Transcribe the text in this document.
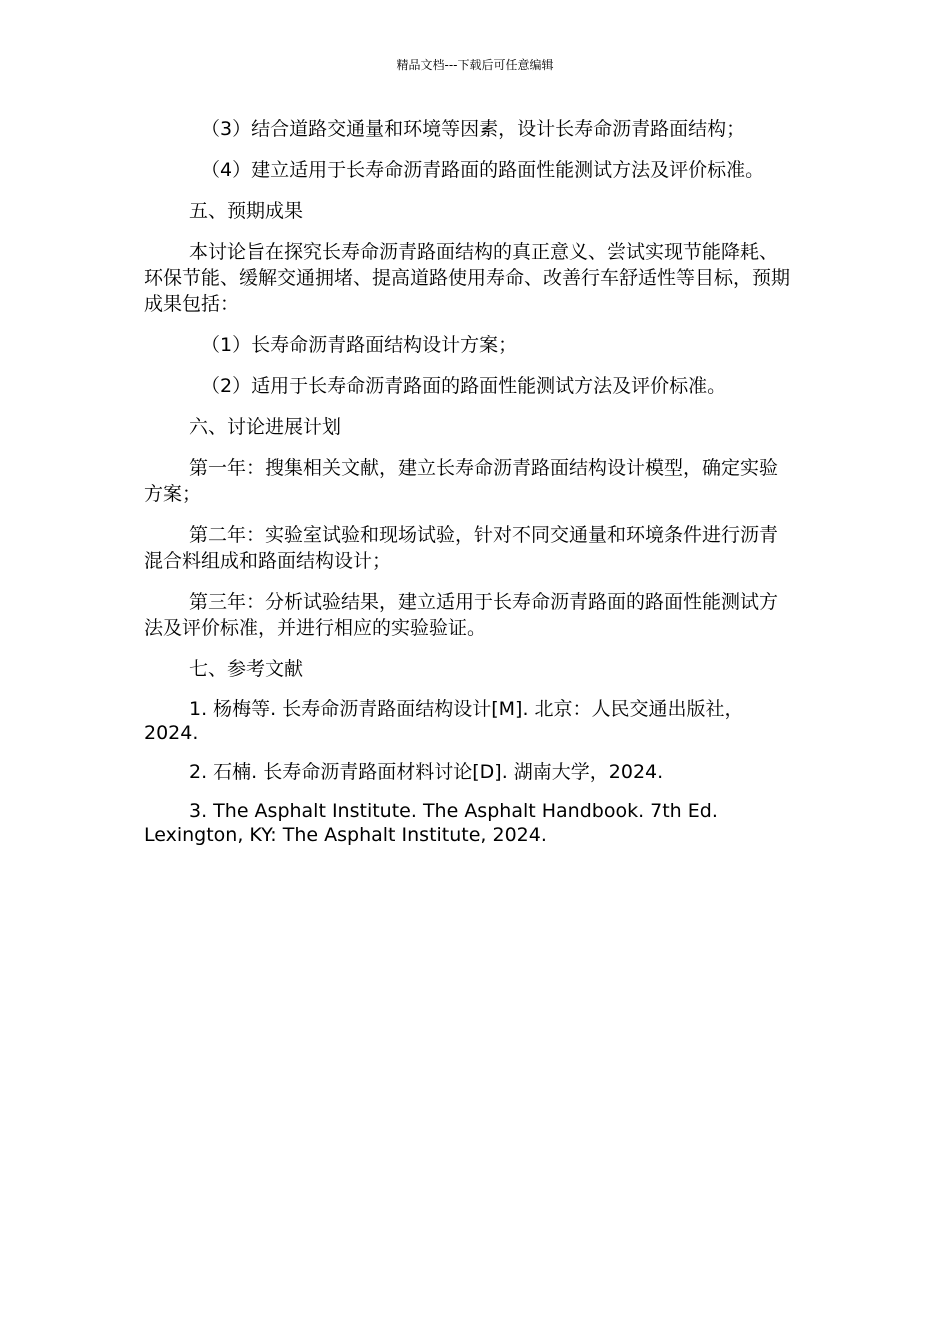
精品文档---下载后可任意编辑

（3）结合道路交通量和环境等因素，设计长寿命沥青路面结构；

（4）建立适用于长寿命沥青路面的路面性能测试方法及评价标准。

五、预期成果

本讨论旨在探究长寿命沥青路面结构的真正意义、尝试实现节能降耗、环保节能、缓解交通拥堵、提高道路使用寿命、改善行车舒适性等目标，预期成果包括：

（1）长寿命沥青路面结构设计方案；

（2）适用于长寿命沥青路面的路面性能测试方法及评价标准。

六、讨论进展计划

第一年：搜集相关文献，建立长寿命沥青路面结构设计模型，确定实验方案；

第二年：实验室试验和现场试验，针对不同交通量和环境条件进行沥青混合料组成和路面结构设计；

第三年：分析试验结果，建立适用于长寿命沥青路面的路面性能测试方法及评价标准，并进行相应的实验验证。

七、参考文献

1. 杨梅等. 长寿命沥青路面结构设计[M]. 北京：人民交通出版社，2024.

2. 石楠. 长寿命沥青路面材料讨论[D]. 湖南大学，2024.

3. The Asphalt Institute. The Asphalt Handbook. 7th Ed. Lexington, KY: The Asphalt Institute, 2024.
